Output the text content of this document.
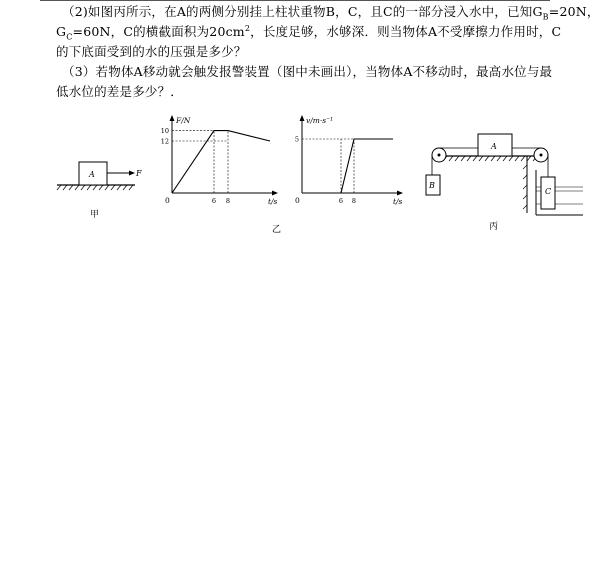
（2)如图丙所示，在A的两侧分别挂上柱状重物B，C，且C的一部分浸入水中，已知$G_B=20N$，

$G_C=60N$，C的横截面积为$20cm^2$，长度足够，水够深．则当物体A不受摩擦力作用时，C

的下底面受到的水的压强是多少？

（3）若物体A移动就会触发报警装置（图中未画出），当物体A不移动时，最高水位与最

低水位的差是多少？．

A	F
甲
F/N
t/s
0
12
10
6 8
乙
v/m·s⁻¹
t/s
0
5
6 8
A
B
C
丙
